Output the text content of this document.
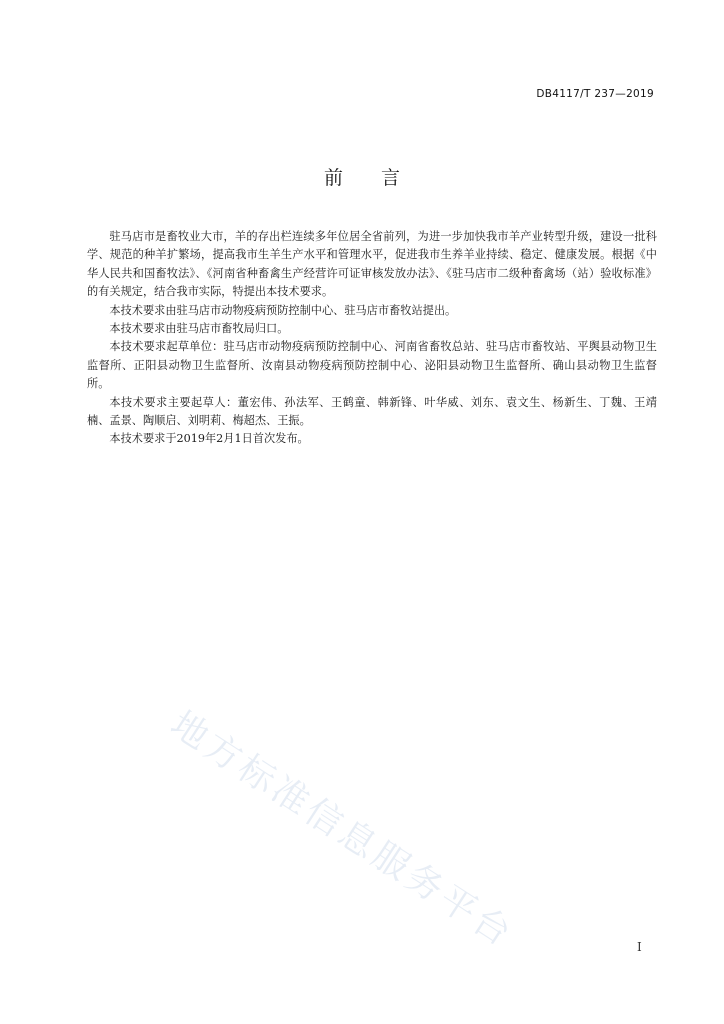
DB4117/T 237—2019
前言

驻马店市是畜牧业大市，羊的存出栏连续多年位居全省前列，为进一步加快我市羊产业转型升级，建设一批科学、规范的种羊扩繁场，提高我市生羊生产水平和管理水平，促进我市生养羊业持续、稳定、健康发展。根据《中华人民共和国畜牧法》、《河南省种畜禽生产经营许可证审核发放办法》、《驻马店市二级种畜禽场（站）验收标准》的有关规定，结合我市实际，特提出本技术要求。

本技术要求由驻马店市动物疫病预防控制中心、驻马店市畜牧站提出。

本技术要求由驻马店市畜牧局归口。

本技术要求起草单位：驻马店市动物疫病预防控制中心、河南省畜牧总站、驻马店市畜牧站、平舆县动物卫生监督所、正阳县动物卫生监督所、汝南县动物疫病预防控制中心、泌阳县动物卫生监督所、确山县动物卫生监督所。

本技术要求主要起草人：董宏伟、孙法军、王鹤童、韩新锋、叶华威、刘东、袁文生、杨新生、丁魏、王靖楠、孟景、陶顺启、刘明莉、梅超杰、王振。

本技术要求于2019年2月1日首次发布。

地方标准信息服务平台	I
